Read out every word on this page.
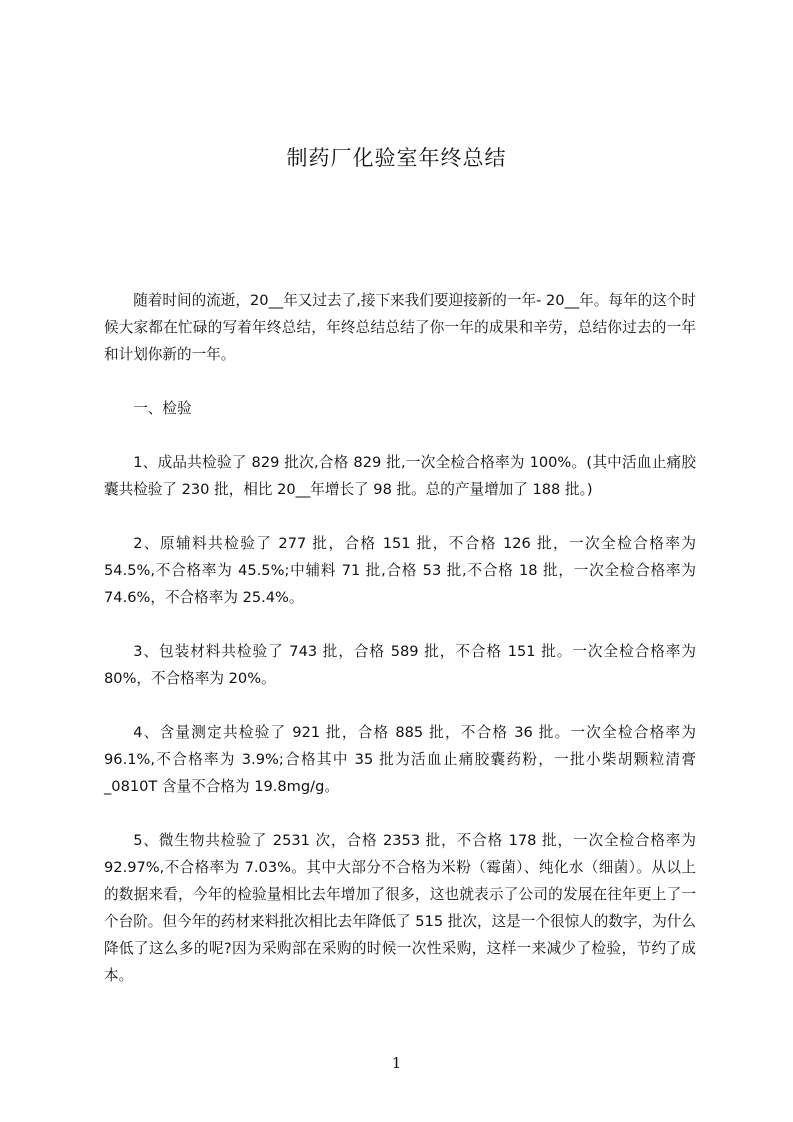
制药厂化验室年终总结

随着时间的流逝，20__年又过去了,接下来我们要迎接新的一年- 20__年。每年的这个时候大家都在忙碌的写着年终总结，年终总结总结了你一年的成果和辛劳，总结你过去的一年和计划你新的一年。

一、检验

1、成品共检验了 829 批次,合格 829 批,一次全检合格率为 100%。(其中活血止痛胶囊共检验了 230 批，相比 20__年增长了 98 批。总的产量增加了 188 批。)

2、原辅料共检验了 277 批，合格 151 批，不合格 126 批，一次全检合格率为 54.5%,不合格率为 45.5%;中辅料 71 批,合格 53 批,不合格 18 批，一次全检合格率为 74.6%，不合格率为 25.4%。

3、包装材料共检验了 743 批，合格 589 批，不合格 151 批。一次全检合格率为 80%，不合格率为 20%。

4、含量测定共检验了 921 批，合格 885 批，不合格 36 批。一次全检合格率为 96.1%,不合格率为 3.9%;合格其中 35 批为活血止痛胶囊药粉，一批小柴胡颗粒清膏_0810T 含量不合格为 19.8mg/g。

5、微生物共检验了 2531 次，合格 2353 批，不合格 178 批，一次全检合格率为 92.97%,不合格率为 7.03%。其中大部分不合格为米粉（霉菌）、纯化水（细菌）。从以上的数据来看，今年的检验量相比去年增加了很多，这也就表示了公司的发展在往年更上了一个台阶。但今年的药材来料批次相比去年降低了 515 批次，这是一个很惊人的数字，为什么降低了这么多的呢?因为采购部在采购的时候一次性采购，这样一来减少了检验，节约了成本。

1
